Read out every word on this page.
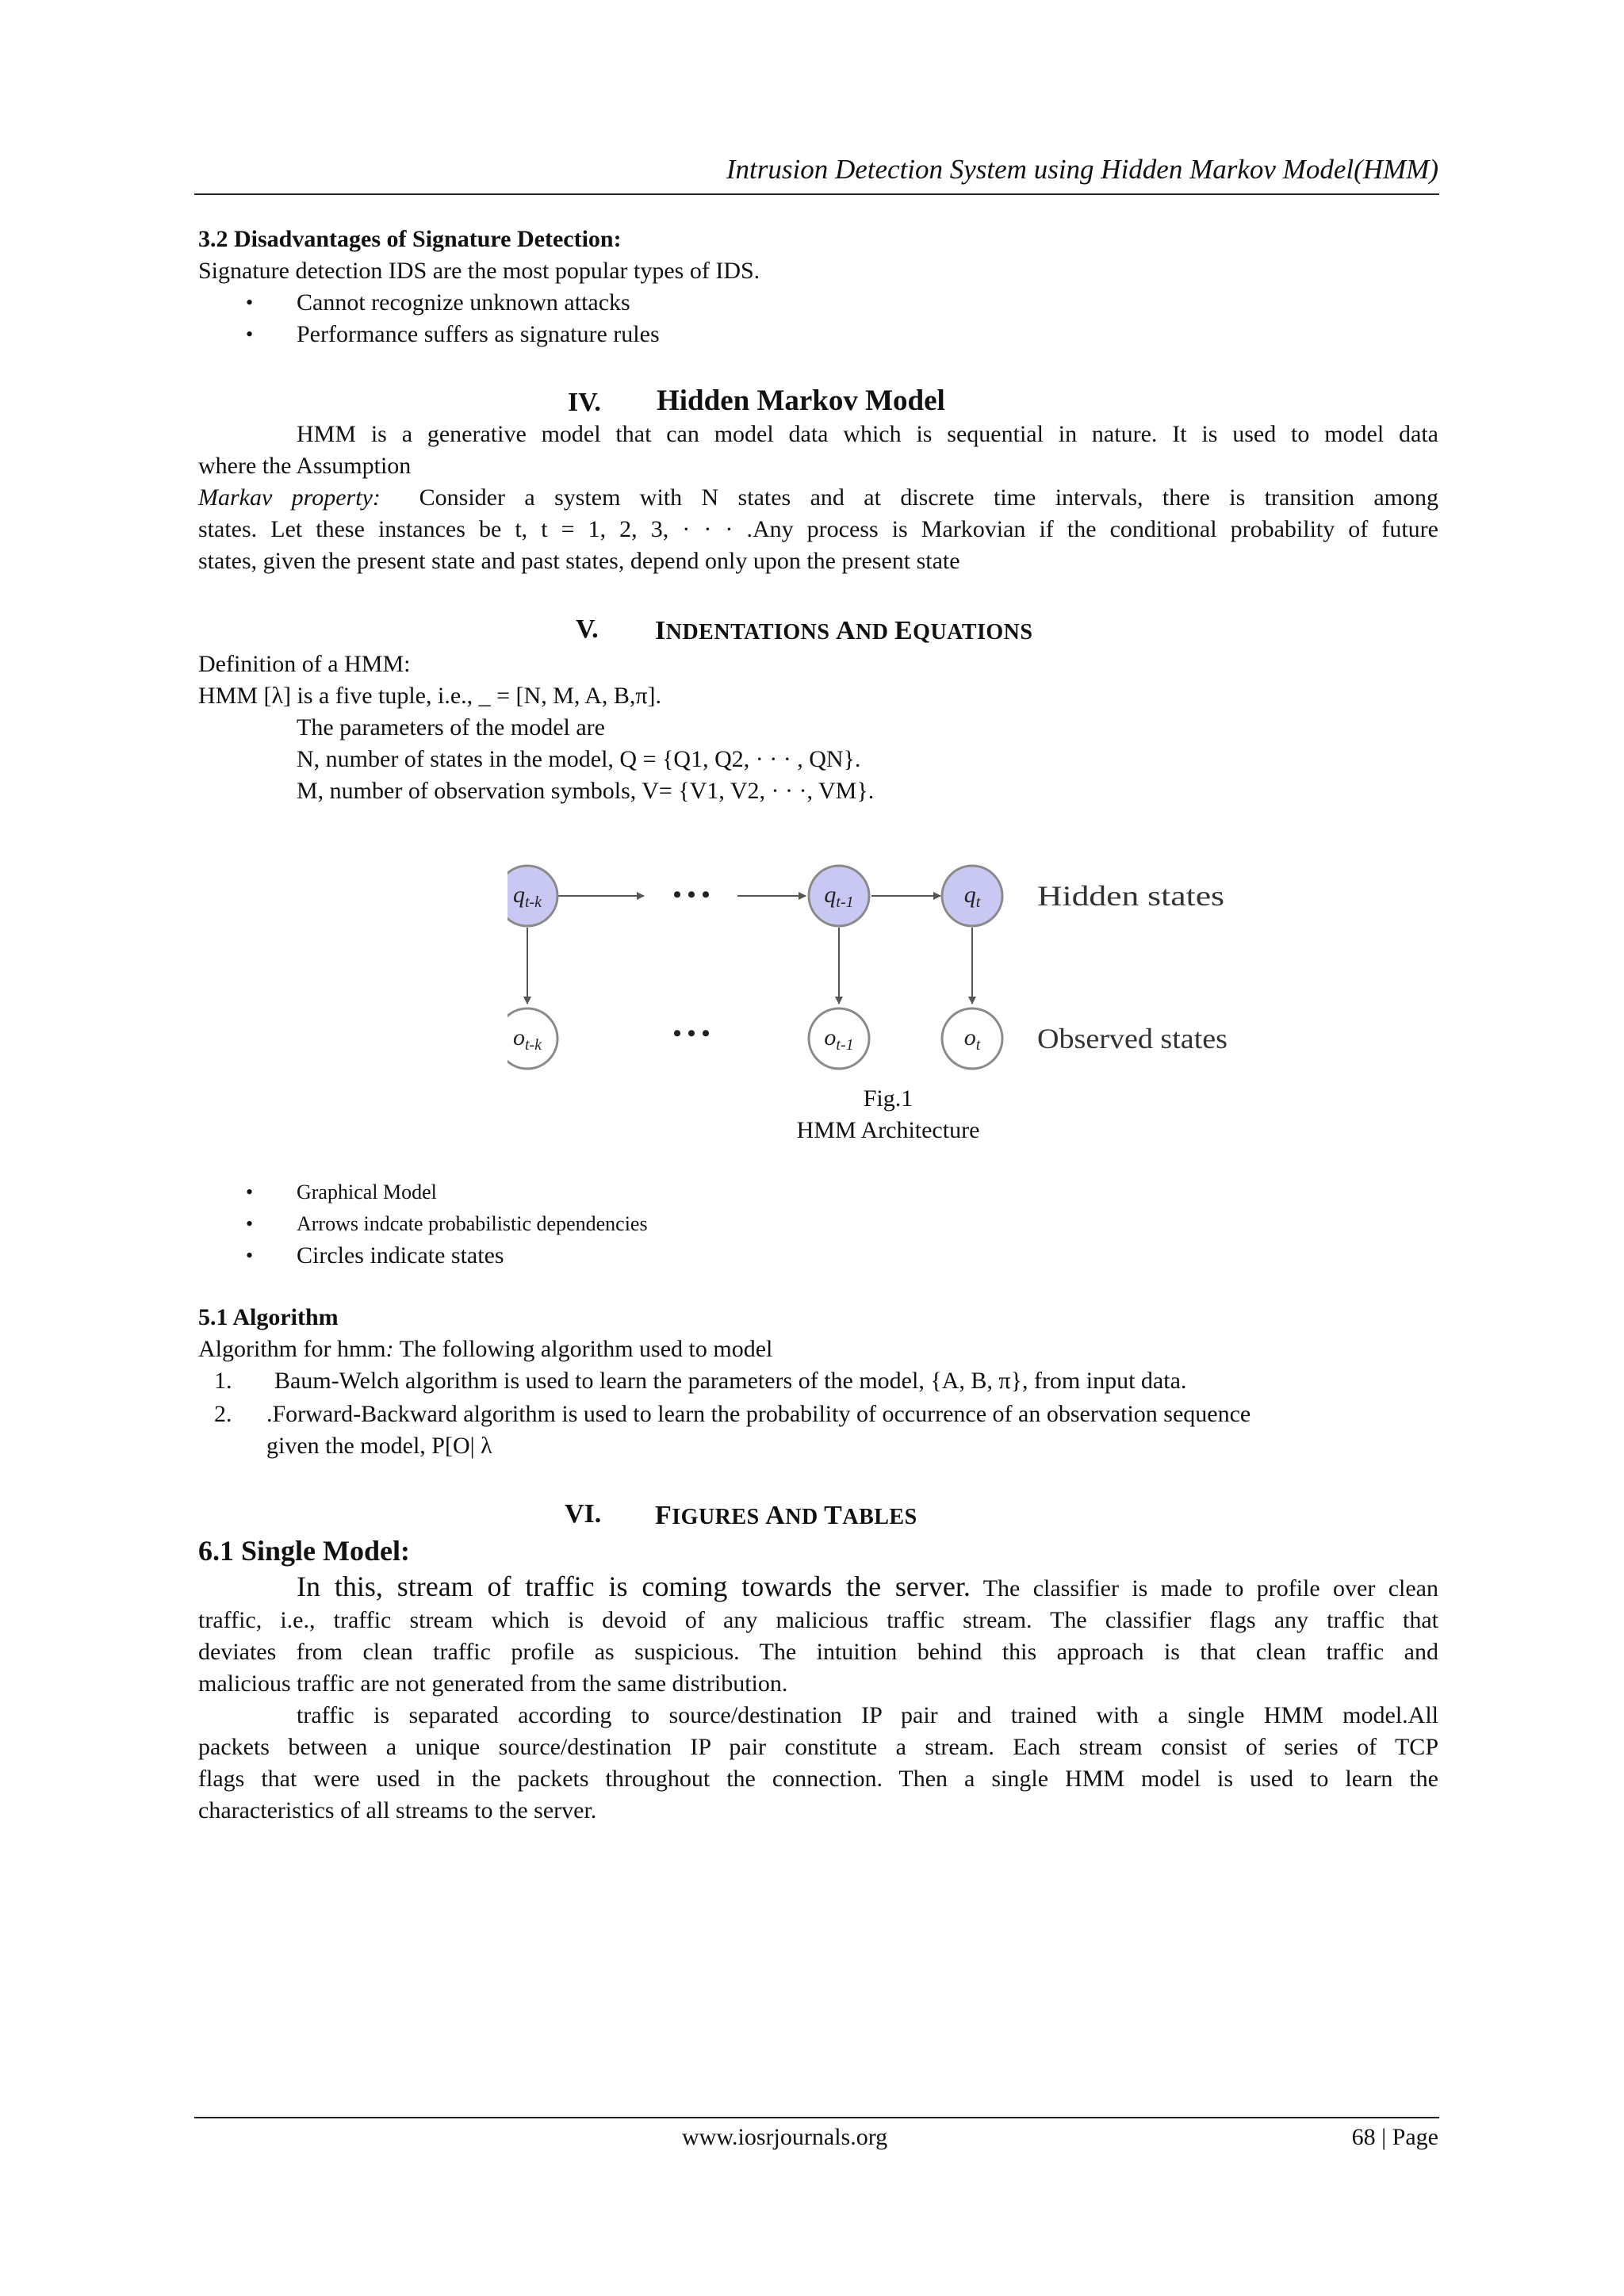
Intrusion Detection System using Hidden Markov Model(HMM)
3.2 Disadvantages of Signature Detection:
Signature detection IDS are the most popular types of IDS.
• Cannot recognize unknown attacks
• Performance suffers as signature rules
IV. Hidden Markov Model
HMM is a generative model that can model data which is sequential in nature. It is used to model data
where the Assumption
Markav property: Consider a system with N states and at discrete time intervals, there is transition among
states. Let these instances be t, t = 1, 2, 3, · · · .Any process is Markovian if the conditional probability of future
states, given the present state and past states, depend only upon the present state
V. INDENTATIONS AND EQUATIONS
Definition of a HMM:
HMM [λ] is a five tuple, i.e., _ = [N, M, A, B,π].
The parameters of the model are
N, number of states in the model, Q = {Q1, Q2, · · · , QN}.
M, number of observation symbols, V= {V1, V2, · · ·, VM}.
• • •
• • •
$q_{t-k}$	$q_{t-1}$	$q_t$
$o_{t-k}$	$o_{t-1}$	$o_t$
Hidden states
Observed states
Fig.1
HMM Architecture
• Graphical Model
• Arrows indcate probabilistic dependencies
• Circles indicate states
5.1 Algorithm
Algorithm for hmm: The following algorithm used to model
1. Baum-Welch algorithm is used to learn the parameters of the model, {A, B, π}, from input data.
2. .Forward-Backward algorithm is used to learn the probability of occurrence of an observation sequence
given the model, P[O| λ
VI. FIGURES AND TABLES
6.1 Single Model:
In this, stream of traffic is coming towards the server. The classifier is made to profile over clean
traffic, i.e., traffic stream which is devoid of any malicious traffic stream. The classifier flags any traffic that
deviates from clean traffic profile as suspicious. The intuition behind this approach is that clean traffic and
malicious traffic are not generated from the same distribution.
traffic is separated according to source/destination IP pair and trained with a single HMM model.All
packets between a unique source/destination IP pair constitute a stream. Each stream consist of series of TCP
flags that were used in the packets throughout the connection. Then a single HMM model is used to learn the
characteristics of all streams to the server.
www.iosrjournals.org	68 | Page
